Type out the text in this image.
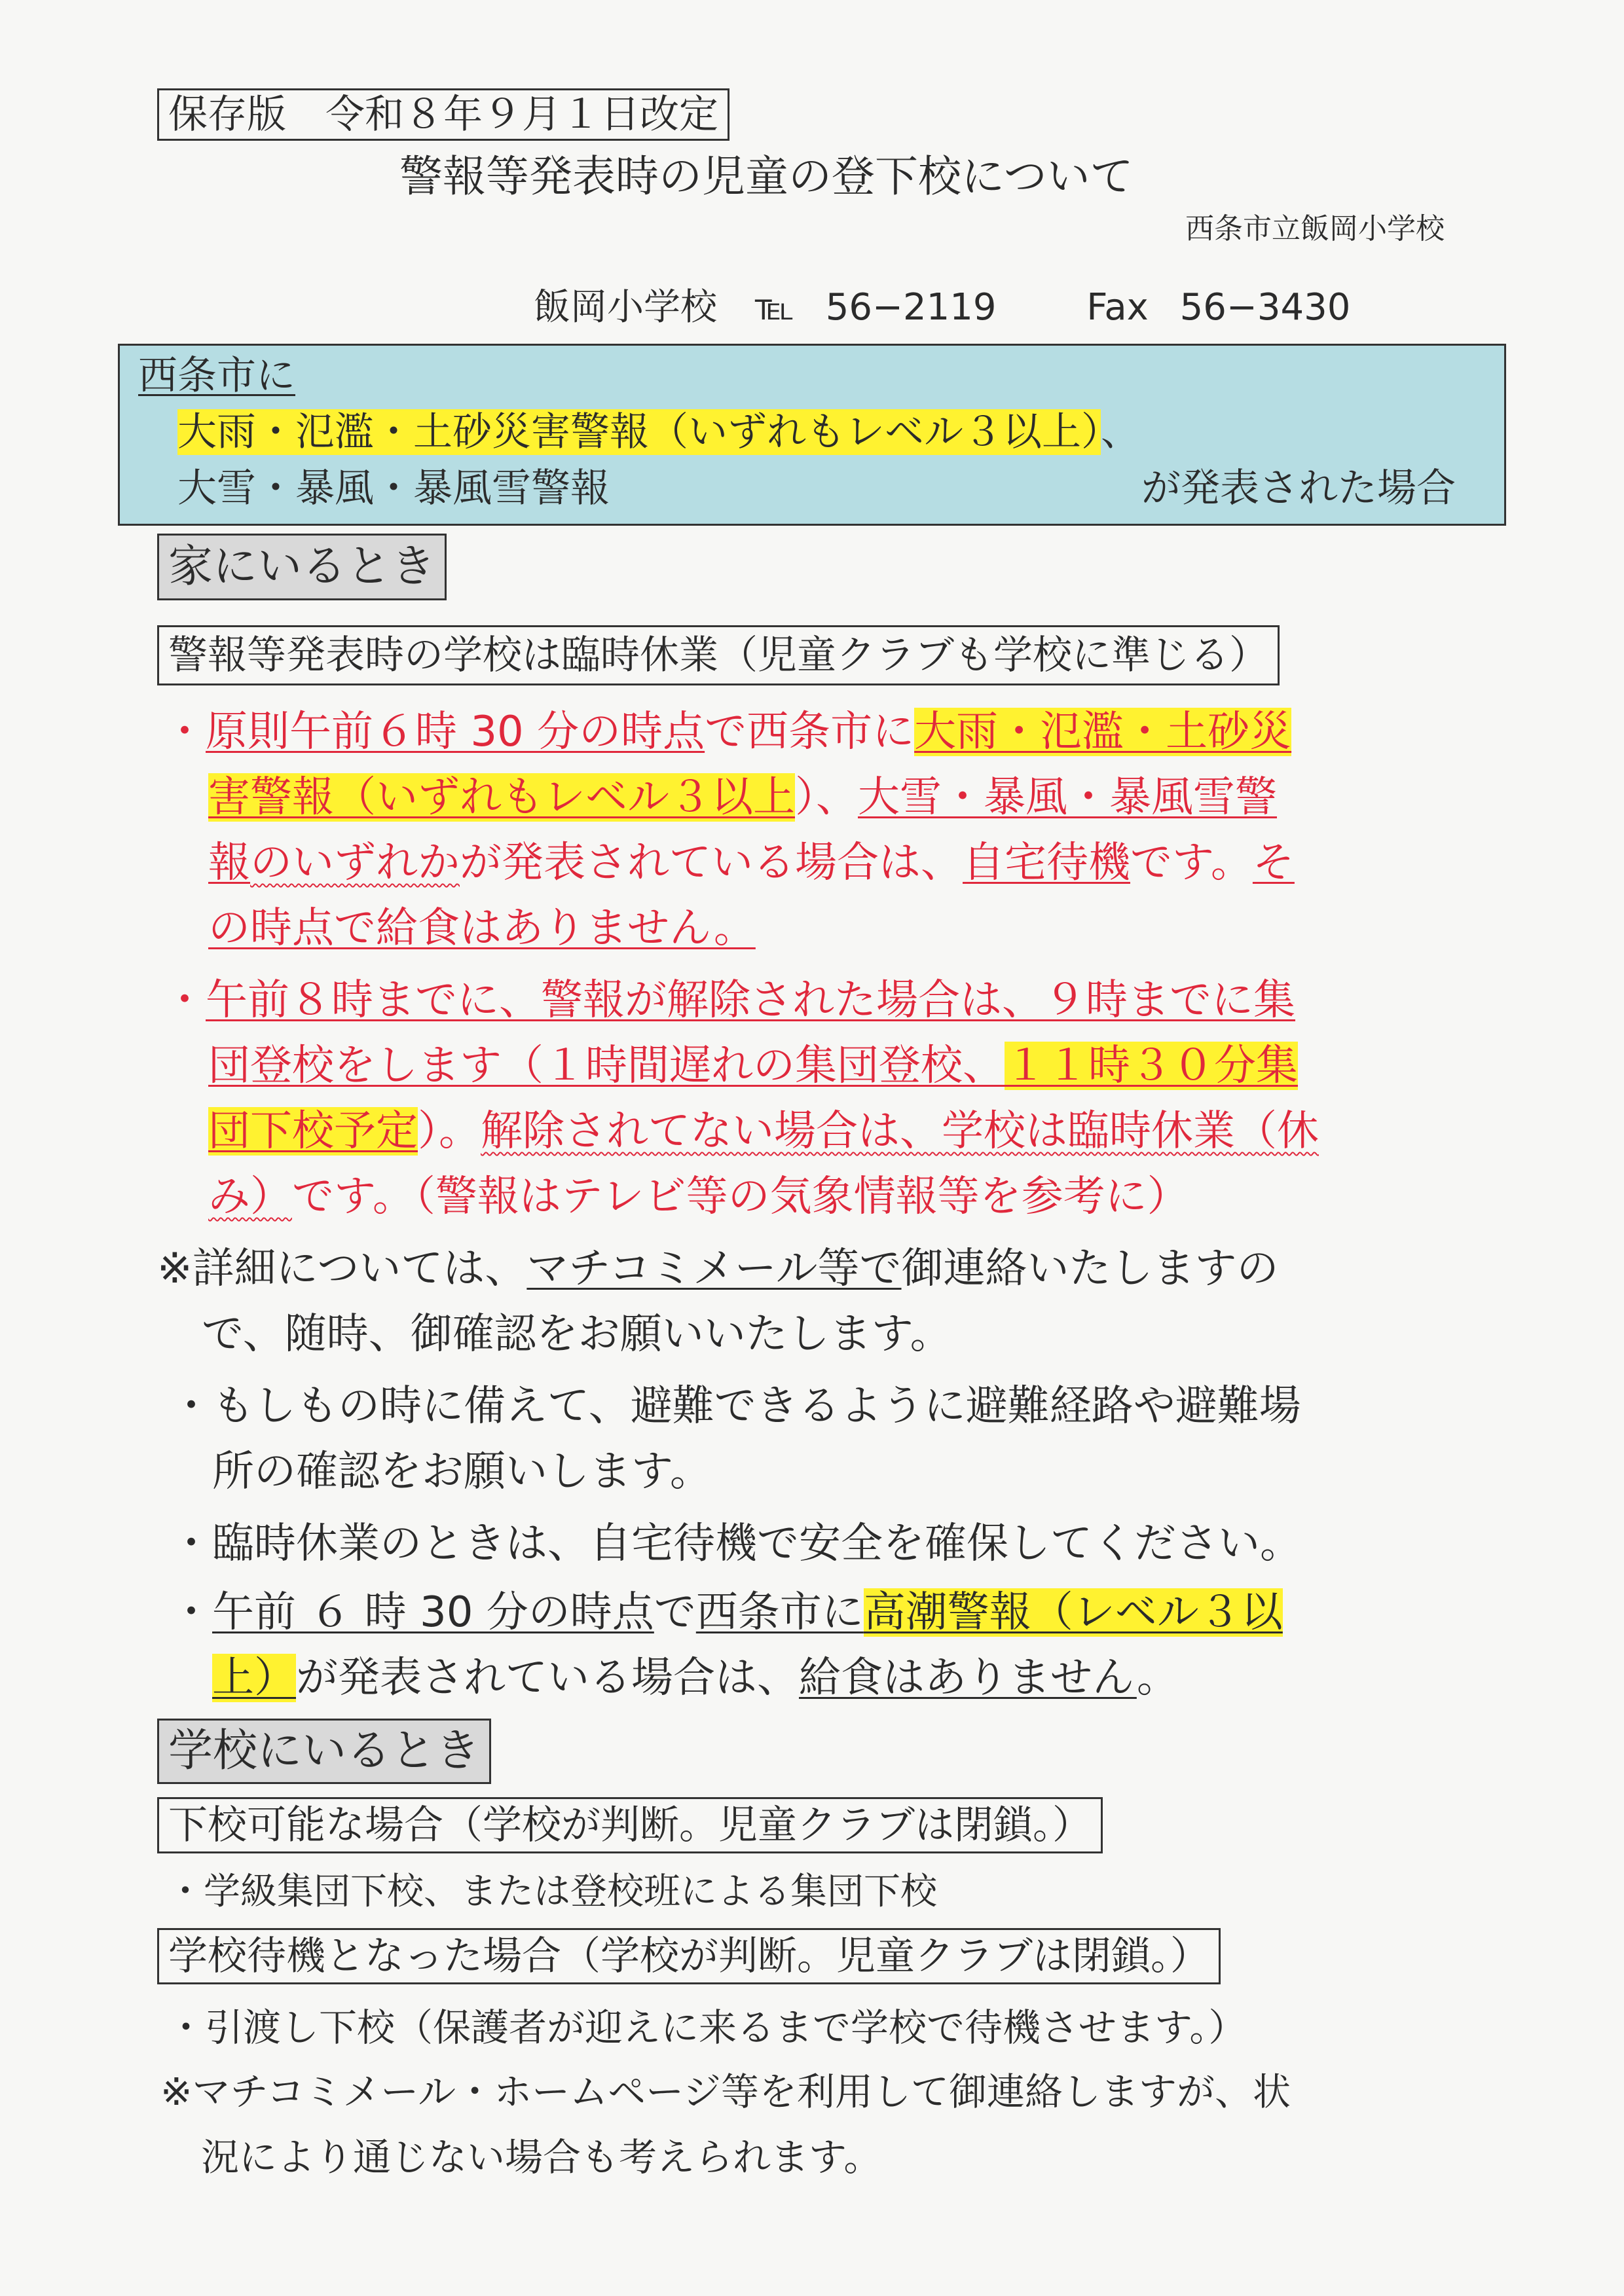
保存版　令和８年９月１日改定
警報等発表時の児童の登下校について
西条市立飯岡小学校
飯岡小学校 ℡ 56−2119 Fax 56−3430
西条市に
大雨・氾濫・土砂災害警報（いずれもレベル３以上）、
大雪・暴風・暴風雪警報	が発表された場合
家にいるとき
警報等発表時の学校は臨時休業（児童クラブも学校に準じる）
・原則午前６時 30 分の時点で西条市に大雨・氾濫・土砂災
害警報（いずれもレベル３以上）、大雪・暴風・暴風雪警
報のいずれかが発表されている場合は、自宅待機です。そ
の時点で給食はありません。
・午前８時までに、警報が解除された場合は、９時までに集
団登校をします（１時間遅れの集団登校、１１時３０分集
団下校予定）。解除されてない場合は、学校は臨時休業（休
み）です。（警報はテレビ等の気象情報等を参考に）
※詳細については、マチコミメール等で御連絡いたしますの
で、随時、御確認をお願いいたします。
・もしもの時に備えて、避難できるように避難経路や避難場
所の確認をお願いします。
・臨時休業のときは、自宅待機で安全を確保してください。
・午前 ６ 時 30 分の時点で西条市に高潮警報（レベル３以
上）が発表されている場合は、給食はありません。
学校にいるとき
下校可能な場合（学校が判断。児童クラブは閉鎖。）
・学級集団下校、または登校班による集団下校
学校待機となった場合（学校が判断。児童クラブは閉鎖。）
・引渡し下校（保護者が迎えに来るまで学校で待機させます。）
※マチコミメール・ホームページ等を利用して御連絡しますが、状
況により通じない場合も考えられます。
